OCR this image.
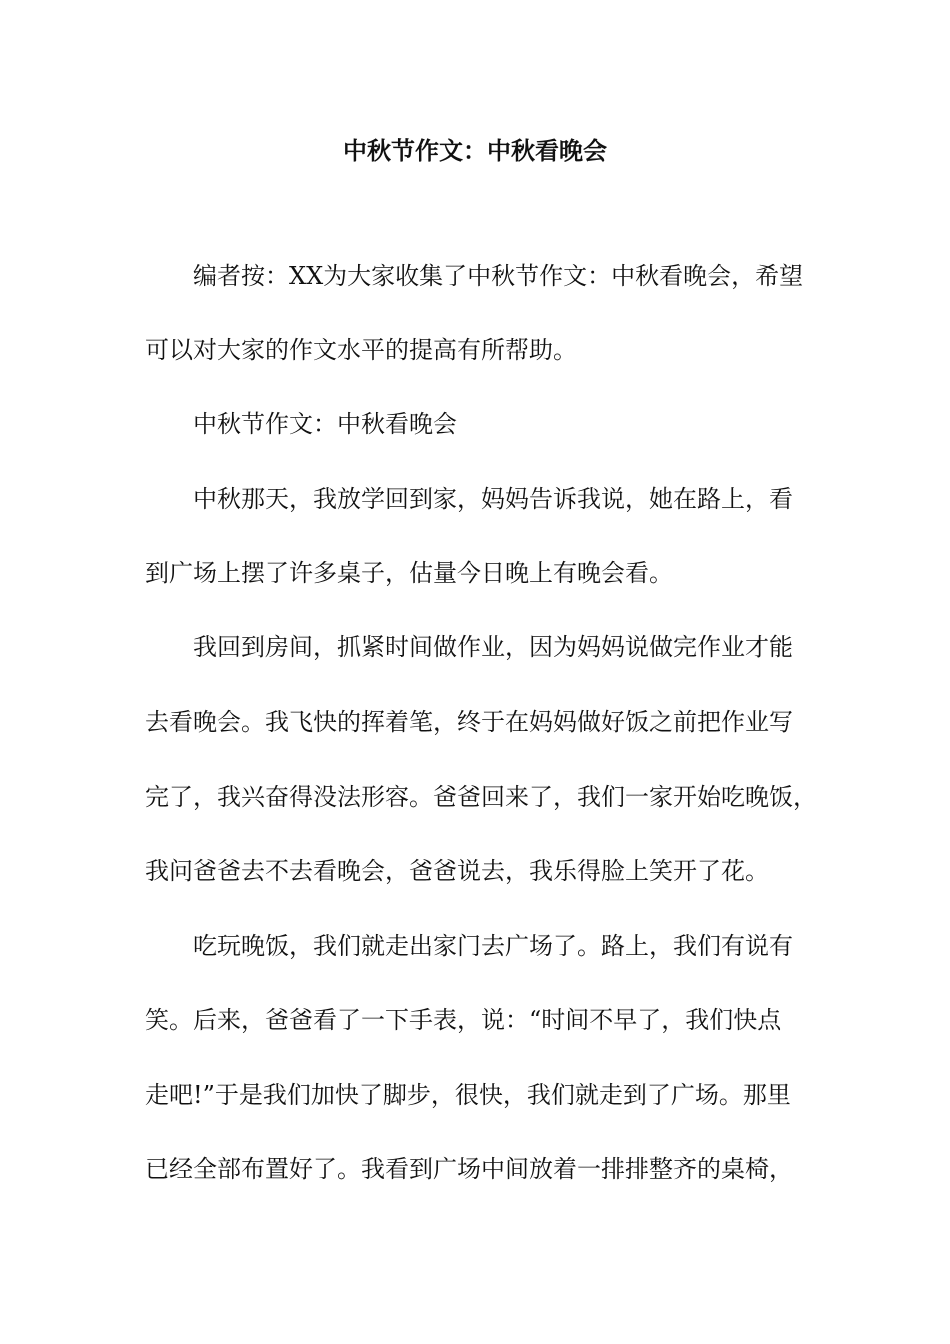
中秋节作文：中秋看晚会
编者按：XX为大家收集了中秋节作文：中秋看晚会，希望
可以对大家的作文水平的提高有所帮助。
中秋节作文：中秋看晚会
中秋那天，我放学回到家，妈妈告诉我说，她在路上，看
到广场上摆了许多桌子，估量今日晚上有晚会看。
我回到房间，抓紧时间做作业，因为妈妈说做完作业才能
去看晚会。我飞快的挥着笔，终于在妈妈做好饭之前把作业写
完了，我兴奋得没法形容。爸爸回来了，我们一家开始吃晚饭，
我问爸爸去不去看晚会，爸爸说去，我乐得脸上笑开了花。
吃玩晚饭，我们就走出家门去广场了。路上，我们有说有
笑。后来，爸爸看了一下手表，说：“时间不早了，我们快点
走吧!”于是我们加快了脚步，很快，我们就走到了广场。那里
已经全部布置好了。我看到广场中间放着一排排整齐的桌椅，
